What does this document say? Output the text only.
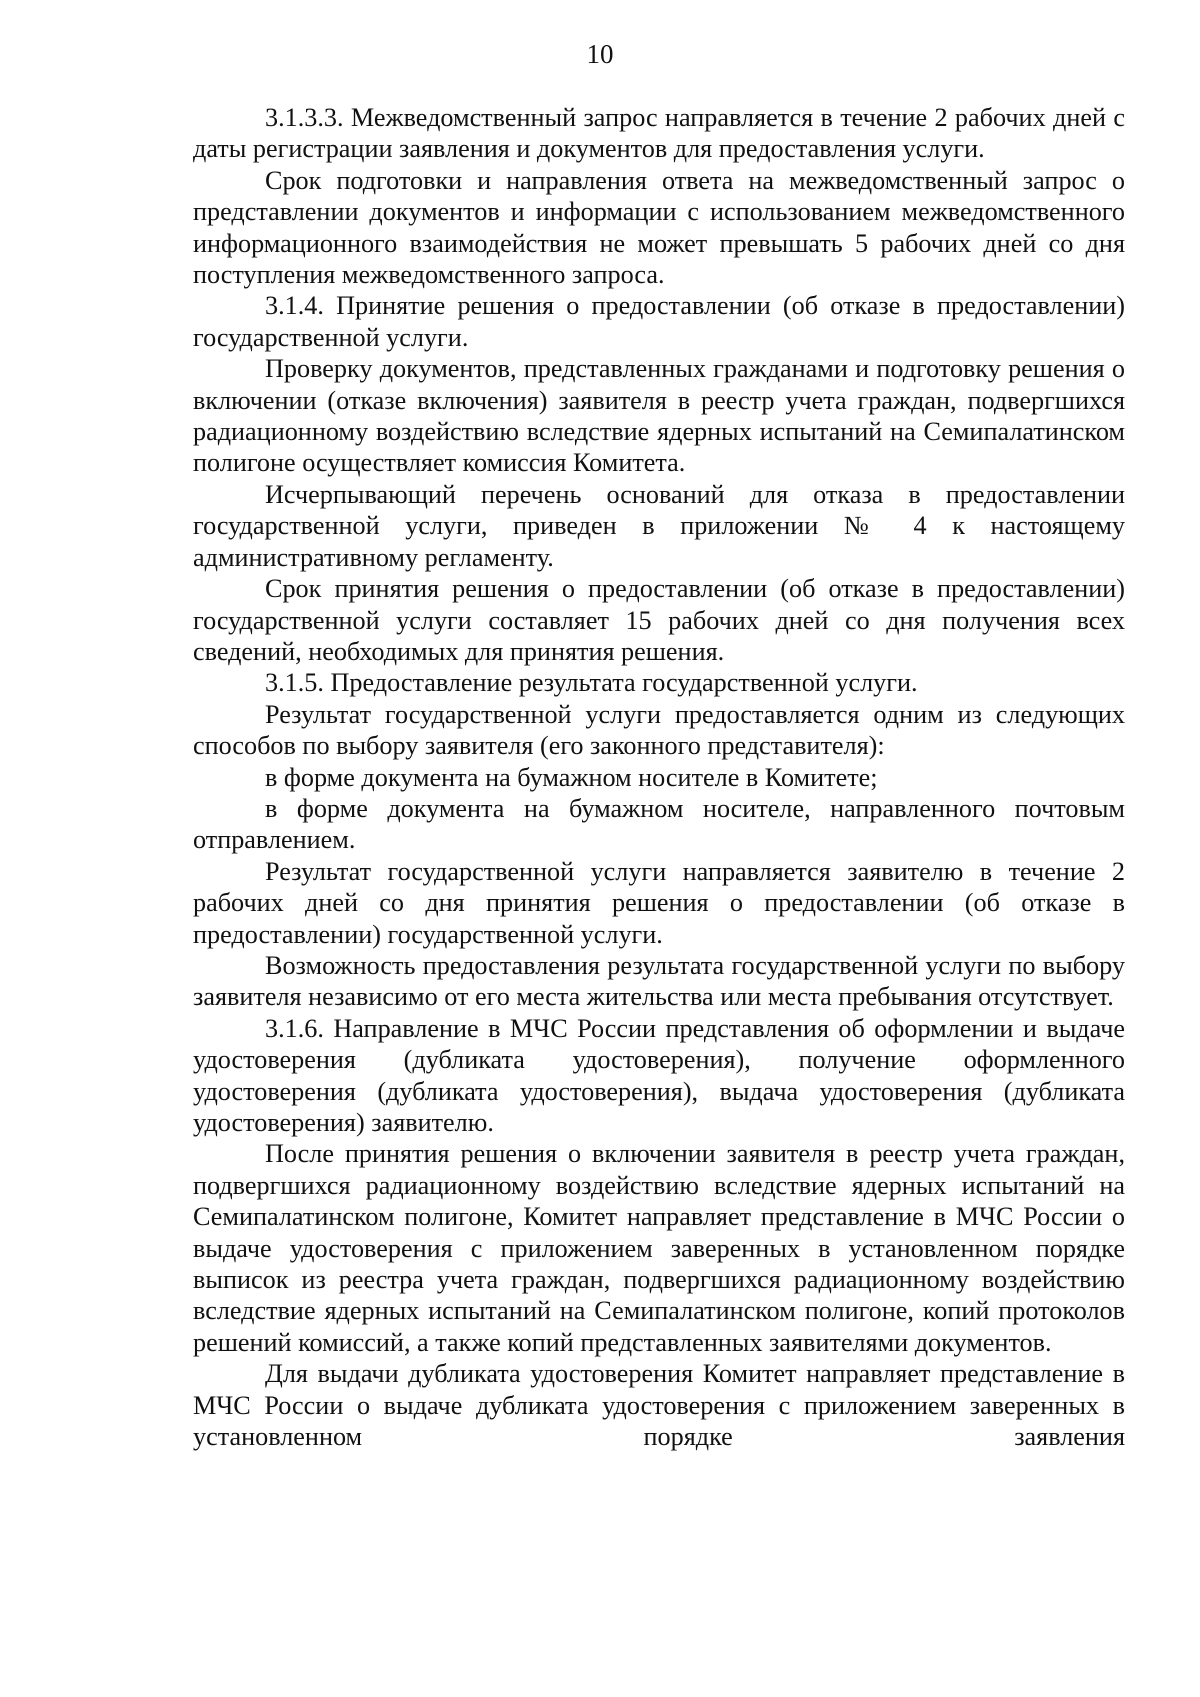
10

3.1.3.3. Межведомственный запрос направляется в течение 2 рабочих дней с даты регистрации заявления и документов для предоставления услуги.

Срок подготовки и направления ответа на межведомственный запрос о представлении документов и информации с использованием межведомственного информационного взаимодействия не может превышать 5 рабочих дней со дня поступления межведомственного запроса.

3.1.4. Принятие решения о предоставлении (об отказе в предоставлении) государственной услуги.

Проверку документов, представленных гражданами и подготовку решения о включении (отказе включения) заявителя в реестр учета граждан, подвергшихся радиационному воздействию вследствие ядерных испытаний на Семипалатинском полигоне осуществляет комиссия Комитета.

Исчерпывающий перечень оснований для отказа в предоставлении государственной услуги, приведен в приложении № 4 к настоящему административному регламенту.

Срок принятия решения о предоставлении (об отказе в предоставлении) государственной услуги составляет 15 рабочих дней со дня получения всех сведений, необходимых для принятия решения.

3.1.5. Предоставление результата государственной услуги.

Результат государственной услуги предоставляется одним из следующих способов по выбору заявителя (его законного представителя):

в форме документа на бумажном носителе в Комитете;

в форме документа на бумажном носителе, направленного почтовым отправлением.

Результат государственной услуги направляется заявителю в течение 2 рабочих дней со дня принятия решения о предоставлении (об отказе в предоставлении) государственной услуги.

Возможность предоставления результата государственной услуги по выбору заявителя независимо от его места жительства или места пребывания отсутствует.

3.1.6. Направление в МЧС России представления об оформлении и выдаче удостоверения (дубликата удостоверения), получение оформленного удостоверения (дубликата удостоверения), выдача удостоверения (дубликата удостоверения) заявителю.

После принятия решения о включении заявителя в реестр учета граждан, подвергшихся радиационному воздействию вследствие ядерных испытаний на Семипалатинском полигоне, Комитет направляет представление в МЧС России о выдаче удостоверения с приложением заверенных в установленном порядке выписок из реестра учета граждан, подвергшихся радиационному воздействию вследствие ядерных испытаний на Семипалатинском полигоне, копий протоколов решений комиссий, а также копий представленных заявителями документов.

Для выдачи дубликата удостоверения Комитет направляет представление в МЧС России о выдаче дубликата удостоверения с приложением заверенных в установленном порядке заявления
